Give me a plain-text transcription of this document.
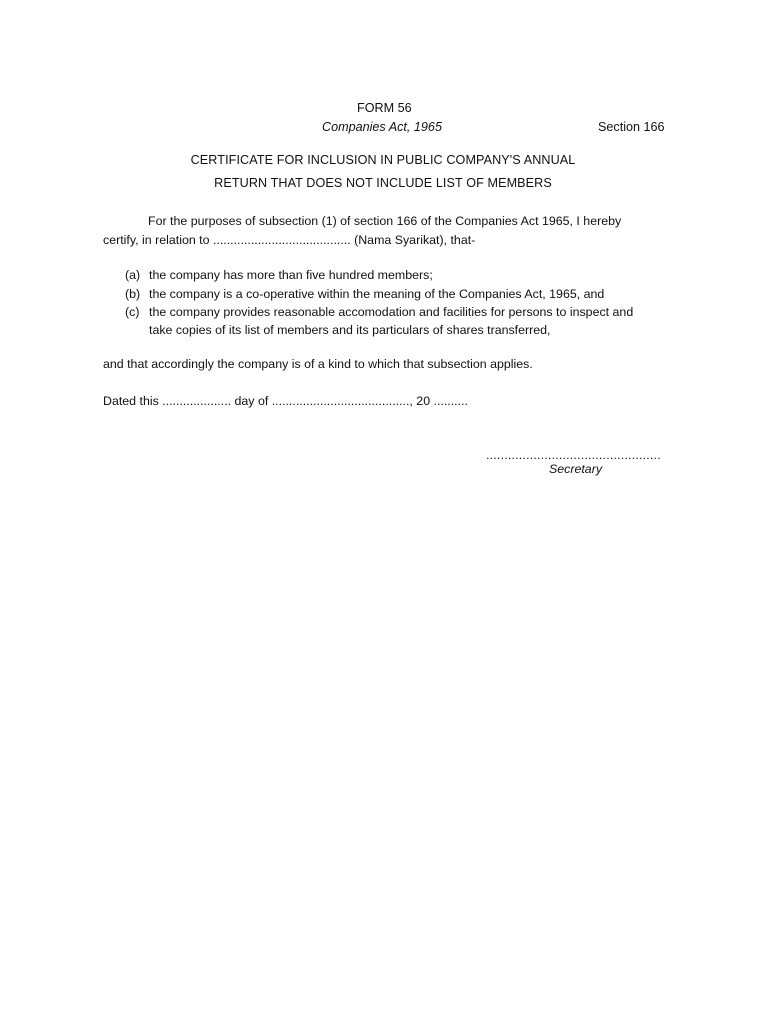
FORM 56
Companies Act, 1965	Section 166
CERTIFICATE FOR INCLUSION IN PUBLIC COMPANY'S ANNUAL
RETURN THAT DOES NOT INCLUDE LIST OF MEMBERS
For the purposes of subsection (1) of section 166 of the Companies Act 1965, I hereby
certify, in relation to ........................................ (Nama Syarikat), that-
(a) the company has more than five hundred members;
(b) the company is a co-operative within the meaning of the Companies Act, 1965, and
(c) the company provides reasonable accomodation and facilities for persons to inspect and
take copies of its list of members and its particulars of shares transferred,
and that accordingly the company is of a kind to which that subsection applies.
Dated this .................... day of ........................................, 20 ..........
................................................
Secretary
